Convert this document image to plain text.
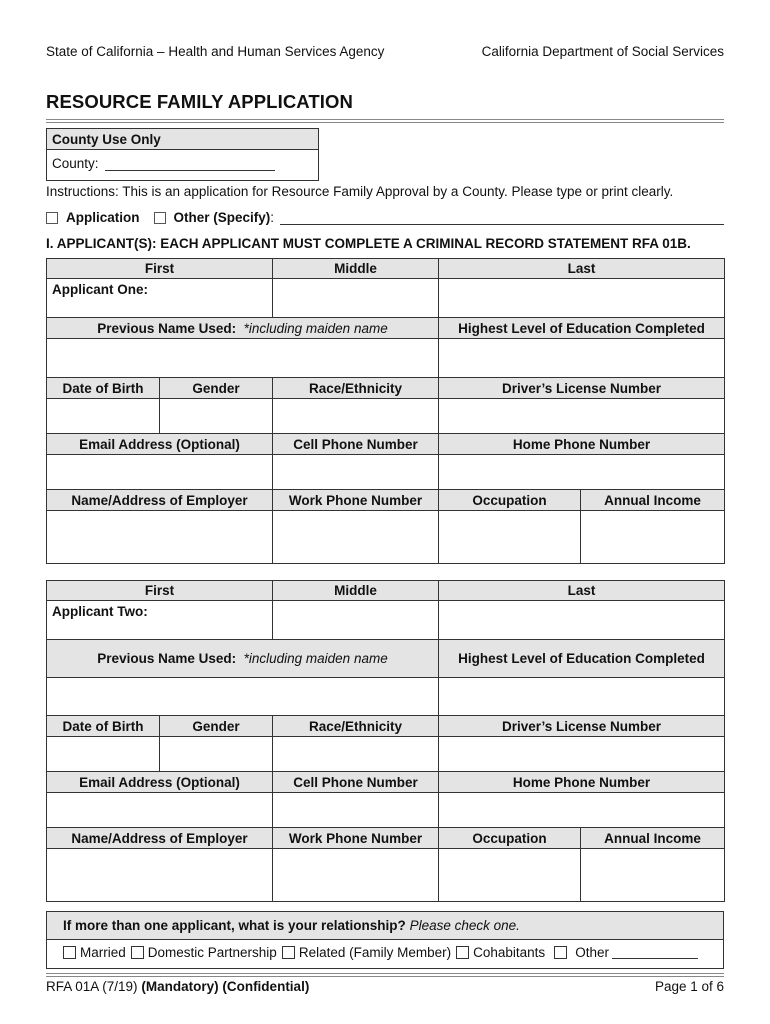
State of California – Health and Human Services Agency	California Department of Social Services
RESOURCE FAMILY APPLICATION
County Use Only
County:
Instructions: This is an application for Resource Family Approval by a County. Please type or print clearly.
Application	Other (Specify) :
I. APPLICANT(S): EACH APPLICANT MUST COMPLETE A CRIMINAL RECORD STATEMENT RFA 01B.
First		Middle	Last	
Applicant One:				
Previous Name Used: *including maiden name			Highest Level of Education Completed	

Date of Birth	Gender	Race/Ethnicity	Driver’s License Number	

Email Address (Optional)		Cell Phone Number	Home Phone Number	

Name/Address of Employer		Work Phone Number	Occupation	Annual Income

First		Middle	Last	
Applicant Two:				
Previous Name Used: *including maiden name			Highest Level of Education Completed	

Date of Birth	Gender	Race/Ethnicity	Driver’s License Number	

Email Address (Optional)		Cell Phone Number	Home Phone Number	

Name/Address of Employer		Work Phone Number	Occupation	Annual Income

If more than one applicant, what is your relationship? Please check one.
Married Domestic Partnership Related (Family Member) Cohabitants Other
RFA 01A (7/19) (Mandatory) (Confidential)	Page 1 of 6
